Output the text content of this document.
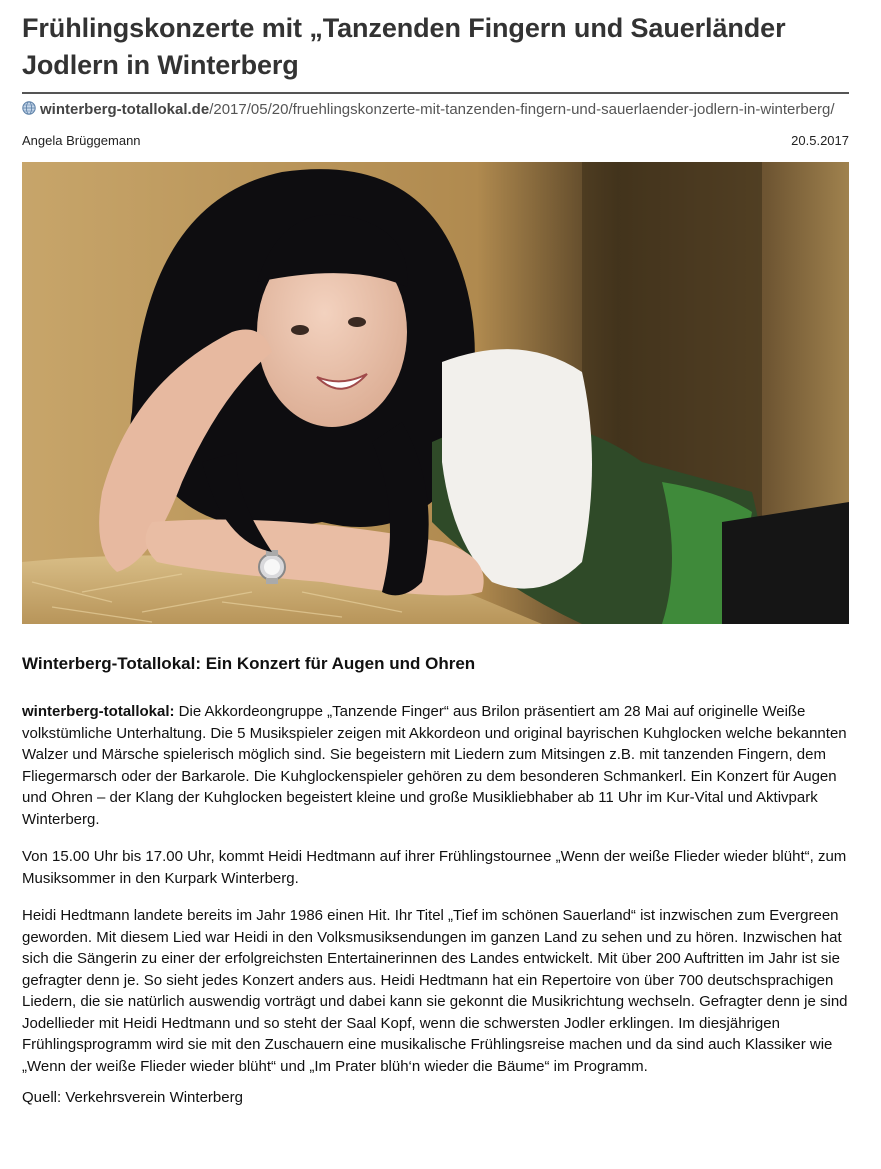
Frühlingskonzerte mit „Tanzenden Fingern und Sauerländer Jodlern in Winterberg
winterberg-totallokal.de/2017/05/20/fruehlingskonzerte-mit-tanzenden-fingern-und-sauerlaender-jodlern-in-winterberg/
Angela Brüggemann	20.5.2017
Winterberg-Totallokal: Ein Konzert für Augen und Ohren

winterberg-totallokal: Die Akkordeongruppe „Tanzende Finger“ aus Brilon präsentiert am 28 Mai auf originelle Weiße volkstümliche Unterhaltung. Die 5 Musikspieler zeigen mit Akkordeon und original bayrischen Kuhglocken welche bekannten Walzer und Märsche spielerisch möglich sind. Sie begeistern mit Liedern zum Mitsingen z.B. mit tanzenden Fingern, dem Fliegermarsch oder der Barkarole. Die Kuhglockenspieler gehören zu dem besonderen Schmankerl. Ein Konzert für Augen und Ohren – der Klang der Kuhglocken begeistert kleine und große Musikliebhaber ab 11 Uhr im Kur-Vital und Aktivpark Winterberg.

Von 15.00 Uhr bis 17.00 Uhr, kommt Heidi Hedtmann auf ihrer Frühlingstournee „Wenn der weiße Flieder wieder blüht“, zum Musiksommer in den Kurpark Winterberg.

Heidi Hedtmann landete bereits im Jahr 1986 einen Hit. Ihr Titel „Tief im schönen Sauerland“ ist inzwischen zum Evergreen geworden. Mit diesem Lied war Heidi in den Volksmusiksendungen im ganzen Land zu sehen und zu hören. Inzwischen hat sich die Sängerin zu einer der erfolgreichsten Entertainerinnen des Landes entwickelt. Mit über 200 Auftritten im Jahr ist sie gefragter denn je. So sieht jedes Konzert anders aus. Heidi Hedtmann hat ein Repertoire von über 700 deutschsprachigen Liedern, die sie natürlich auswendig vorträgt und dabei kann sie gekonnt die Musikrichtung wechseln. Gefragter denn je sind Jodellieder mit Heidi Hedtmann und so steht der Saal Kopf, wenn die schwersten Jodler erklingen. Im diesjährigen Frühlingsprogramm wird sie mit den Zuschauern eine musikalische Frühlingsreise machen und da sind auch Klassiker wie „Wenn der weiße Flieder wieder blüht“ und „Im Prater blüh‘n wieder die Bäume“ im Programm.

Quell: Verkehrsverein Winterberg
